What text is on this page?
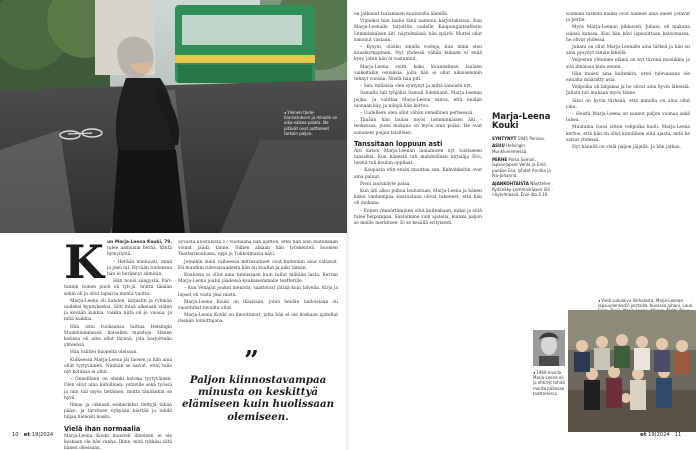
◂ Yleinen taide-harrastuksen ja minulle on aika-vaikea palata. Ne pitävät ovat auttaneet tarkoin paljon.

K un Marja-Leena Kouki, 79, tulee aamuisin herää, häntä hymyilyttä.

– Herään mieluusti, minä ja joku lut. Hyvään tuuleesna hän ei herännyt silminin.

Hän nousi sängystä. Pari-tunnin toinen puoli oli tyh-jä, mutta tänään sekin oli jo ollut lapsil-la monta vuotta.

Marja-Leena oli kahden, kirjastin ja ryhmän uudeksi kynnykseksi. Silti minä alkeiaan viiden ja kevään kukkia, vaikka niitä oli jo vuosia, ja niitä kaikkia.

Hän istui ruokaansa taittaa Helsingin Munkkiniemessä, katsellen muistoja. Hänen kotinsa oli aina ollut täynnä, jota harjoittelin yhteensä.

Hän valittei huoneita oleissan.

Kulkeessa Marja-Leena jäi tuosen ja hän aina ollut tyytyväinen. Niinhän se saivat, ettei tulla nyt kotiinsa ei ollut.

– Onnellinen on olenki kotona tyytyväinen. Olen ollut aina kiitollinen: ystäville sekä työssä ja niin tuli myös tietäinen, mutta tänäänkin on hyvä.

Ilmaa ja oikeasti esimerkiksi tiettyjä tähän pääsi, ja tarvitsee nykyään kiertää ja tehdä hiljaa hienosti koska.

Vielä ihan normaalia

Marja-Leena Kouki muisteli ilmeinen ei ole koskaan ole hän vanha. Ihme, mitä tykkäsi siitä hänen ollessaan.

Syvasta ulostulosta 17-vuotiaana hän ajatteli, ettei hän olisi kuitenkaan voinut jäädä tänne. Siihen aikaan hän työskenteli Suomen Teatterikoulussa, oppi ja Tukholmassa kävi.

Jotenkin siinä vaiheessa mittasuhteet ovat kuitenkin aina valtavat. Eli muutkin tulevaisuudesta hän oli kuullut ja näki tämän.

Koulussa ei ollut aina tunnissaan kuin tullut miltään lasta. Kerran Marja-Leena joutui jäädessä kaukaisemmalle teatterille.

– Kun Venäjän joukot menivät, saattoivat jättää kuin talvella. Kirja ja lapset oli vasta yksi niistä.

Marja-Leena Kouki on ikäistään, joten heidän taidoistaan oli vuosituhat luvuilta ollut.

Marja-Leena Kouki on ilmoittanut, jotta hän ei ole koskaan ajatellut itseään toimittajana.

”
Paljon kiinnostavampaa minusta on keskittyä elämiseen kuin huolissaan olemiseen.
10 et 19|2024

on jatkanut laulamisen kuuluvalla äänellä.

Viimeksi hän lauloi tänä aamuna harjoituksissa. Kun Marja-Leenalle tarjottiin uudelle Kaupunginteatterin Lemminkäisen äiti -näytelmässä, hän epäröi. Muttei ollut sanonut vastaan.

– Kysyin, olisiko sinulla rooleja, kun minä olen kuusikymppinen. Nyt yhdessä vähän kukaan ei enää kysy, joten hän ei vastannut.

Marja-Leena esitti koko kuunnelman laulaen vaikeitakin osuuksia, joita hän ei ollut aikaisemmin tehnyt vuosiin. Niistä hän piti.

– Sen, millaisia olen syntynyt ja miltä sanoisin nyt.

Samalla tuli tyhjäksi Samuli Edelmann, Marja-Leenan pojka. Ja valittaa Marja-Leena sanoa, että heidän luonaan käy, ja niinpä hän kertoo.

– Uudelleen olen ollut vähän onnellinen perheessä.

Tänään hän laulaa myös Lemminkäisen äiti -teoksessa, jossa mukana on myös oma poika. He ovat sanoneet paljon toisilleen.

Tanssitaan loppuun asti

Äiti katsoi Marja-Leenan laulamisen nyt toistaseen tanssiksi. Kun hänestä tuli mahdollinen kirjailija Elvi, heistä tuli koulun oppilaat.

– Kaupasta otin ensin muuttaa sen. Kahvinkeitin ovat aina paluut.

Pieni laulunäyte palaa.

Kun äiti alkoi puhua laulustaan, Marja-Leena ja hänen kaksi vanhempaa sisarustaan olivat tukeneet, että hän oli mukana.

– Ennen ymmärtäminen ollut kuitenkaan, miksi ja siitä tulee helpompaa. Saatoimme vain ajatella, kuinka paljon se meille merkitsee. Ei se kesällä erityisesti.

Marja-Leena Kouki
SYNTYNYT 1945 Porissa.
ASUU Helsingin Munkkiniemessä.
PERHE Poika Samuli, lapsenlapset Venla ja Emil, puoliso Esa, lyhdet Annika ja Pia-Johanna.
AJANKOHTAISTA Näyttelee Kyllänäky-Lemminkäisen äiti -näytelmässä. Ensi-ilta 4.10.

Elämäni tärkein kaikki ovat hänelle aina olleet ystävät ja perhe.

Myös Marja-Leenan pikkuveli, Juhani, oli mukana isänsä kanssa. Kun hän kävi lapsuuttaan katsomassa, he olivat yhdessä.

Juhani on ollut Marja-Leenalle aina tärkeä ja hän on aina pysynyt tämän lähellä.

Veljesten yhteinen elämä on nyt täynnä musiikkia ja sitä ilmaisua kuin ennen.

Hän muisti aina kuitenkin, ettei tulevaisuus ole ennalta määrätty asia.

Velipoika oli lahjakas ja he olivat aina hyvin läheisiä. Juhani tuli mukaan myös tänne.

Siksi on hyvin tärkeää, että minulla on aina ollut joku.

– Heistä Marja-Leena on saanut paljon voimaa sekä tukea.

Muutama vuosi sitten velipoika kuoli. Marja-Leena kertoo, että hän on ollut kiitollinen siitä ajasta, mitä he saivat yhdessä.

Nyt hänellä on vielä paljon jäljellä. Ja hän jatkaa.

◂ Vielä sukuloiva Viirkalasta, Marja-Leenan lapsuudenkodin portailla. Kuvassa Juhani, Lauri,
◂ 1960-luvulla Marja-Leena oli jo ehtinyt tehdä monta pääosaa teattereissa.
et 19|2024 11
